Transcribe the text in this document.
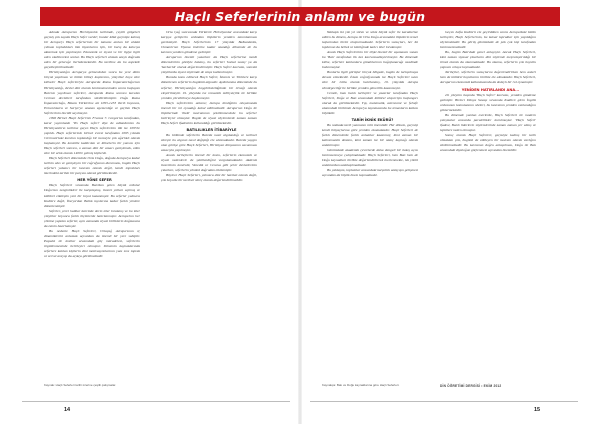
Haçlı Seferlerinin anlamı ve bugün

Adında Avrupa'nın Hıristiyanlık tarihinde, çeşitli gölgeleri geçmiş çok sayıda Haçlı Sefer vardır; bunlar kökü geçmişte kalmış bir Avrupa'yı Haçlı seferlerinin bir tamamı anılan bir ahlaki yılmazı toplulukları tüm tüyanlarını için, bir barış da kalıcıya aktarmak için yapılmıştır. Ekonomik ve siyasi ve bir ilgiye ilgili eden olabileceksi sonlar. Bu Haçlı seferleri ahmak anıştı doğruda eden bir geleceğe ilerledemektedir. Bu tarihine da bu aspektle geçekleştirilmektedir.

Hıristiyanlığın Avrupa'ya gelmesinden sonra bu yeni dinin birçok yaşılması ve bütün bilinçi kuşlarının, yüzyıllar boyu süre kiliseler Haçlı seferleriyle Avrupa'da Roma İmparatorluğu'nun Hıristiyanlığı, devlet dini olarak benimsemesinden sonra başlayan Batı'nın yayılmacı seferleri, Avrupa'da Roma sonrası kurulan Cermen devletleri tarafından sürdürülmüştür. Doğu Roma İmparatorluğu, Bizans Türklerine ait 1095-1453 Tarih boyunca, Ermenistan'a ve Suriye'ye uzanan egemenliğe ve geçilen Haçlı Seferlerinin öncülü sayılmıştır.

1096 Birinci Haçlı Seferi'nin Fransız 7. Gregorius tarafından, karar yayımlandı 'Vis Haçlı seferi' diye de adlandırılan bu Hıristiyanlık'ın tarihine geçen Haçlı seferlerinin ilki ise 1095'te yapıldı. Haçlı seferlerinin birinci evresi tarafından 1095 yılında Clermont'taki kurulun toplandığı bir konseyle çok ağırlıklı olarak başlamıştır. Bu konsülle kaldırılan ve kiliselerin bir yansısı için Haçlı seferleri sonrası, o zaman dini bir amacı genişlemek, etkin süre bir artık olarak 1400'e gelmiş kişilerdi.

Haçlı Seferleri döneminde Orta Doğu, doğuda Avrupa'ya kadar tarihin ulus ve genişleyen bir coğrafyanın durumunu, bugün Haçlı seferleri yabancı bir kavram olarak değil, kendi toprakları üzerindeki tarihin bir parçası olarak görülmektedir.

HER YÖNE SEFER

Haçlı Seferleri sırasında Batı'dan gelen büyük ordular Doğu'nun zenginlikleri ile karşılaşmış, ticaret yolları açılmış ve kültürel etkileşim yeni bir boyut kazanmıştır. Bu seferler yalnızca Kudüs'e değil, İberya'dan Baltık kıyılarına kadar farklı yönlere düzenlenmiştir.

Seferler, yerel halklar üzerinde derin izler bırakmış ve bu izler yüzyıllar boyunca farklı biçimlerde hatırlanmıştır. Avrupa'nın her yönüne yapılan seferler, aynı zamanda siyasi birliklerin doğmasına da zemin hazırlamıştır.

Bu nedenle Haçlı Seferleri, Ortaçağ Avrupa'sının iç dinamiklerini anlamak açısından da önemli bir yere sahiptir. Papalık ile krallar arasındaki güç mücadelesi, seferlerin örgütlenmesinde belirleyici olmuştur. Dönemin kaynaklarında seferlere katılan kişilerin dini motivasyonlarının yanı sıra toprak ve servet arayışı da açıkça görülmektedir.

Orta Çağ sonrasında Türklerle Hıristiyanlar arasındaki karşı karşıya gelişlerin ardından ilişkilerin yeniden tanımlanması gerekmiştir. Haçlı Seferlerinin 17 yüzyılda Balkanlarda, Osmanlı'nın Viyana önlerine kadar uzandığı dönemde de bu kavram yeniden gündeme gelmiştir.

Avrupa'nın önemli yazarları da Haçlı seferlerine kendi dönemlerinin gözüyle bakmış, bu seferleri 'kutsal savaş' ya da 'barbarlık' olarak değerlendirmiştir. Haçlı Seferi kavramı, sonraki yüzyıllarda siyasi söylemde de sıkça kullanılmıştır.

Burada konu edilecek Haçlı Seferi, İslam'a ve Türklere karşı düzenlenen seferlerin bugünkü algısıdır. Aydınlanma döneminde bu seferler, Hıristiyanlığın hoşgörüsüzlüğünün bir örneği olarak eleştirilmiştir. 19. yüzyılda ise romantik milliyetçilik ile birlikte yeniden yüceltilmeye başlanmıştır.

Haçlı seferlerinin anlamı; Avrupa kimliğinin oluşumunda önemli bir rol oynadığı kabul edilmektedir. Avrupa'nın Doğu ile ilişkilerinde 'öteki' kavramının şekillenmesinde bu seferler belirleyici olmuştur. Bugün de siyasi söylemlerde zaman zaman Haçlı Seferi ifadesinin kullanıldığı görülmektedir.

BATILILIKLER İTİBARİYLE

Bu bölümde seferlerin Batı'da nasıl algılandığı ve tarihsel süreçte bu algının nasıl değiştiği ele alınmaktadır. Batı'da yaygın olan görüşe göre Haçlı Seferleri, Hıristiyan dünyasının savunması amacıyla yapılmıştır.

Ancak tarihçilerin önemli bir kısmı, seferlerin ekonomik ve siyasi nedenlerle de şekillendiğini vurgulamaktadır. Akdeniz ticaretinin kontrolü, Venedik ve Cenova gibi şehir devletlerinin çıkarları, seferlerin yönünü doğrudan etkilemiştir.

Böylece Haçlı Seferleri, yalnızca dini bir hareket olarak değil, çok boyutlu bir tarihsel süreç olarak değerlendirilmelidir.

Yaklaşık iki yüz yıl süren ve sekiz büyük sefer ile karakterize edilen bu dönem, Avrupa ile Orta Doğu arasındaki ilişkilerin temel taşlarından birini oluşturmaktadır. Seferlerin sonuçları, her iki toplumun da bellek ve kimliğinde kalıcı izler bırakmıştır.

Ancak Haçlı Seferlerinin bir ilişki önemli bir aşamasını sunan bu 'Batı' tarafından ilk kez kavramsallaştırılmıştır. Bu dönemde kilise, seferlere katılanlara günahlarının bağışlanacağı vaadinde bulunmuştur.

Bunlarla ilgili görüşler birçok bölgede, bugün de tartışılmaya devam etmektedir. İslam coğrafyasında ise Haçlı Seferleri uzun süre bir istila olarak hatırlanmış, 19. yüzyılda Avrupa sömürgeciliği ile birlikte yeniden güncellik kazanmıştır.

Cemile, bazı batılı tarihçiler ve yazarlar tarafından Haçlı Seferleri, Doğu ve Batı arasındaki kültürel alışverişin başlangıcı olarak da görülmektedir. Tıp, matematik, astronomi ve felsefe alanındaki birikimin Avrupa'ya taşınmasında bu temasların katkısı büyüktür.

TARİH İKNİK EKÜRÜ?

Bu noktada tarih yazımının rolü önemlidir. Her dönem, geçmişi kendi ihtiyaçlarına göre yeniden okumaktadır. Haçlı Seferleri de farklı dönemlerde farklı anlamlar kazanmış; kimi zaman bir kahramanlık destanı, kimi zaman ise bir utanç kaynağı olarak anlatılmıştır.

Günümüzde akademik çevrelerde daha dengeli bir bakış açısı benimsenmeye çalışılmaktadır. Haçlı Seferleri, hem Batı hem de Doğu kaynakları birlikte değerlendirilerek incelenmekte, tek yönlü anlatılardan uzaklaşılmaktadır.

Bu yaklaşım, toplumlar arasındaki karşılıklı anlayışın gelişmesi açısından da büyük önem taşımaktadır.

Geçen hafta Kudüs'ü ele geçirdikten sonra Avrupa'daki bütün tarihçiler, Haçlı Seferlerinin, bu kutsal topraklar için yapıldığını söylemektedir. Bu görüş günümüzde de pek çok kişi tarafından benimsenmektedir.

Bu, bugün Batı'daki genel anlayıştır. Ancak Haçlı Seferleri, kimi zaman siyasal çıkarların dini söylemle meşrulaştırıldığı bir örnek olarak da okunmaktadır. Bu okuma, seferlerin çok boyutlu yapısını ortaya koymaktadır.

Tarihçiler, seferlerin sonuçlarını değerlendirirken hem askeri hem de kültürel boyutlarını birlikte ele almaktadır. Haçlı Seferleri, Avrupa'nın ekonomik kalkınmasında da dolaylı bir rol oynamıştır.

YENİDEN HATIRLANDI ANA...

20. yüzyılın başında 'Haçlı Seferi' kavramı, yeniden gündeme gelmiştir. Birinci Dünya Savaşı sırasında Kudüs'e giren İngiliz ordusunun komutanının sözleri, bu kavramın yeniden canlandığını göstermektedir.

Bu dönemde yazılan eserlerde, Haçlı Seferleri ile modern çatışmalar arasında paralellikler kurulmuştur. 'Haçlı Seferi' ifadesi, Batılı liderlerin söylemlerinde zaman zaman yer almış ve tepkilere neden olmuştur.

Sonuç olarak Haçlı Seferleri, geçmişte kalmış bir tarih olmaktan çok, bugünü de etkileyen bir kavram olarak varlığını sürdürmektedir. Bu kavramın doğru anlaşılması, Doğu ile Batı arasındaki diyaloğun güçlenmesi açısından önemlidir.

Kaynak: Haçlı Seferleri tarihi üzerine çeşitli çalışmalar.	Kaynakça: Batı ve Doğu kaynaklarına göre Haçlı Seferleri.	DİN ÖĞRETİMİ DERGİSİ • EKİM 2012
14	15
